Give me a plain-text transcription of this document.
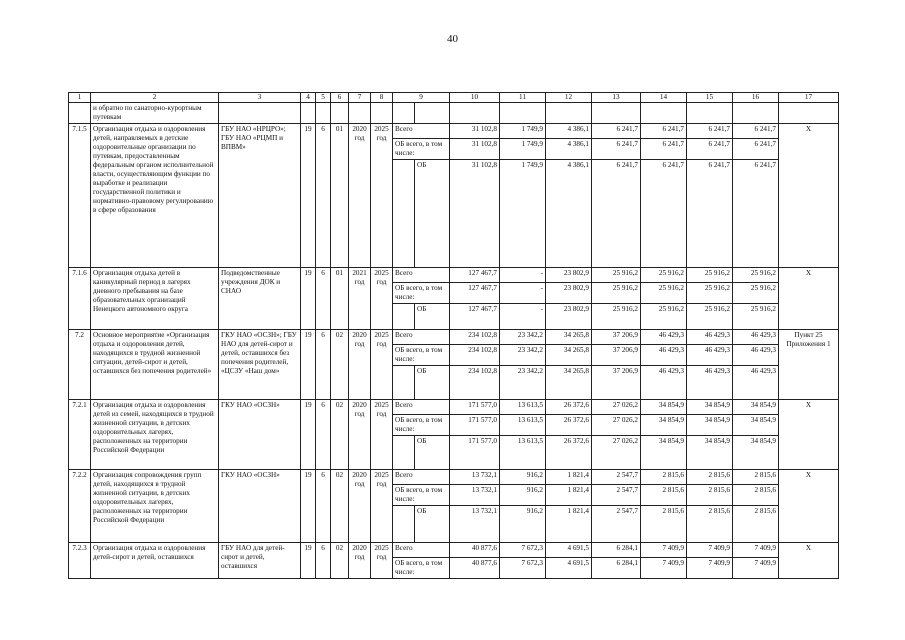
40
1	2	3	4	5	6	7	8	9		10	11	12	13	14	15	16	17
	и обратно по санаторно-курортным путевкам																
7.1.5	Организация отдыха и оздоровления детей, направляемых в детские оздоровительные организации по путевкам, предоставленным федеральным органом исполнительной власти, осуществляющим функции по выработке и реализации государственной политики и нормативно-правовому регулированию в сфере образования	ГБУ НАО «НРЦРО»; ГБУ НАО «РЦМП и ВПВМ»	19	6	01	2020 год	2025 год	Всего		31 102,8	1 749,9	4 386,1	6 241,7	6 241,7	6 241,7	6 241,7	Х
								ОБ всего, в том числе:		31 102,8	1 749,9	4 386,1	6 241,7	6 241,7	6 241,7	6 241,7	
									ОБ	31 102,8	1 749,9	4 386,1	6 241,7	6 241,7	6 241,7	6 241,7	
7.1.6	Организация отдыха детей в каникулярный период в лагерях дневного пребывания на базе образовательных организаций Ненецкого автономного округа	Подведомственные учреждения ДОК и СНАО	19	6	01	2021 год	2025 год	Всего		127 467,7	-	23 802,9	25 916,2	25 916,2	25 916,2	25 916,2	Х
								ОБ всего, в том числе:		127 467,7	-	23 802,9	25 916,2	25 916,2	25 916,2	25 916,2	
									ОБ	127 467,7	-	23 802,9	25 916,2	25 916,2	25 916,2	25 916,2	
7.2	Основное мероприятие «Организация отдыха и оздоровления детей, находящихся в трудной жизненной ситуации, детей-сирот и детей, оставшихся без попечения родителей»	ГКУ НАО «ОСЗН»; ГБУ НАО для детей-сирот и детей, оставшихся без попечения родителей, «ЦСЗУ «Наш дом»	19	6	02	2020 год	2025 год	Всего		234 102,8	23 342,2	34 265,8	37 206,9	46 429,3	46 429,3	46 429,3	Пункт 25 Приложения 1
								ОБ всего, в том числе:		234 102,8	23 342,2	34 265,8	37 206,9	46 429,3	46 429,3	46 429,3	
									ОБ	234 102,8	23 342,2	34 265,8	37 206,9	46 429,3	46 429,3	46 429,3	
7.2.1	Организация отдыха и оздоровления детей из семей, находящихся в трудной жизненной ситуации, в детских оздоровительных лагерях, расположенных на территории Российской Федерации	ГКУ НАО «ОСЗН»	19	6	02	2020 год	2025 год	Всего		171 577,0	13 613,5	26 372,6	27 026,2	34 854,9	34 854,9	34 854,9	Х
								ОБ всего, в том числе:		171 577,0	13 613,5	26 372,6	27 026,2	34 854,9	34 854,9	34 854,9	
									ОБ	171 577,0	13 613,5	26 372,6	27 026,2	34 854,9	34 854,9	34 854,9	
7.2.2	Организация сопровождения групп детей, находящихся в трудной жизненной ситуации, в детских оздоровительных лагерях, расположенных на территории Российской Федерации	ГКУ НАО «ОСЗН»	19	6	02	2020 год	2025 год	Всего		13 732,1	916,2	1 821,4	2 547,7	2 815,6	2 815,6	2 815,6	Х
								ОБ всего, в том числе:		13 732,1	916,2	1 821,4	2 547,7	2 815,6	2 815,6	2 815,6	
									ОБ	13 732,1	916,2	1 821,4	2 547,7	2 815,6	2 815,6	2 815,6	
7.2.3	Организация отдыха и оздоровления детей-сирот и детей, оставшихся	ГБУ НАО для детей-сирот и детей, оставшихся	19	6	02	2020 год	2025 год	Всего		40 877,6	7 672,3	4 691,5	6 284,1	7 409,9	7 409,9	7 409,9	Х
								ОБ всего, в том числе:		40 877,6	7 672,3	4 691,5	6 284,1	7 409,9	7 409,9	7 409,9	
